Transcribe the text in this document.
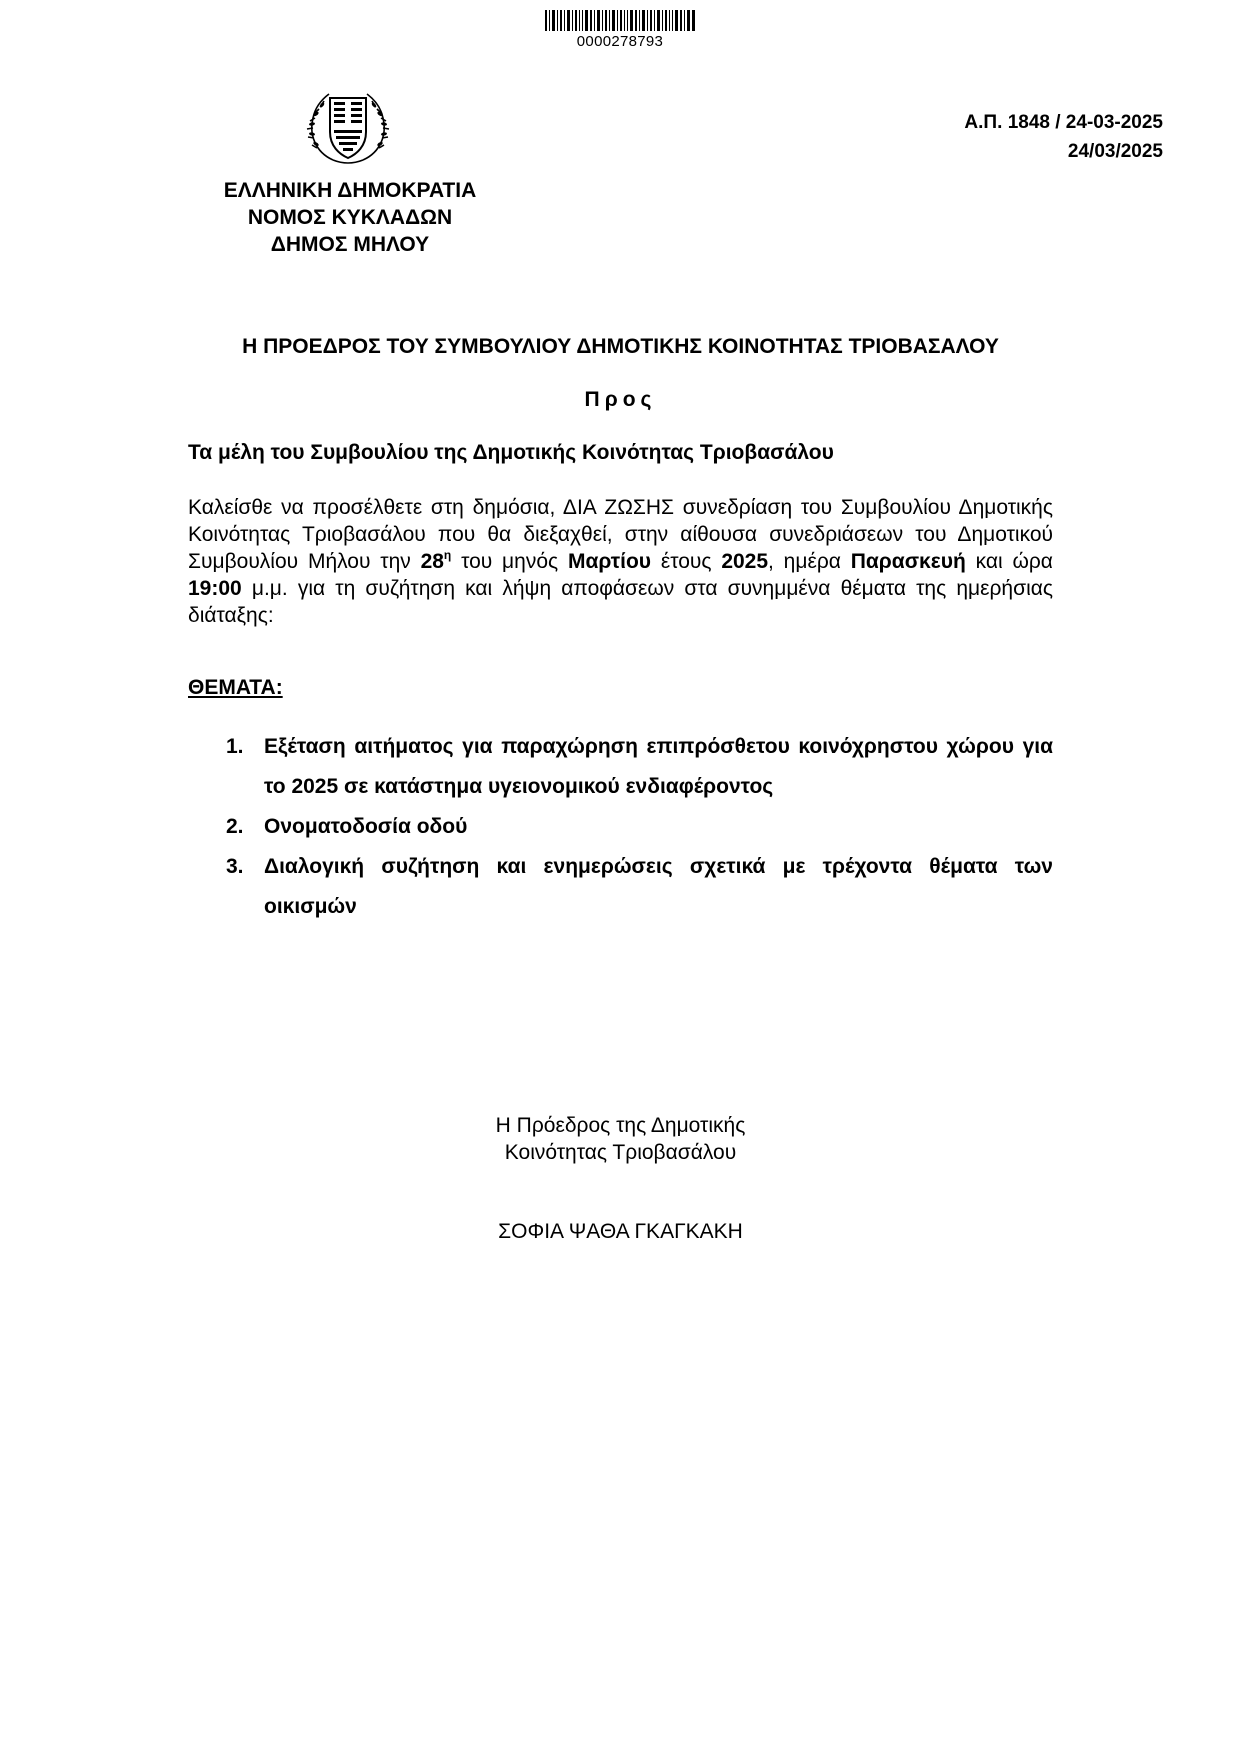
0000278793
ΕΛΛΗΝΙΚΗ ΔΗΜΟΚΡΑΤΙΑ
ΝΟΜΟΣ ΚΥΚΛΑΔΩΝ
ΔΗΜΟΣ ΜΗΛΟΥ
Α.Π. 1848 / 24-03-2025
24/03/2025
Η ΠΡΟΕΔΡΟΣ ΤΟΥ ΣΥΜΒΟΥΛΙΟΥ ΔΗΜΟΤΙΚΗΣ ΚΟΙΝΟΤΗΤΑΣ ΤΡΙΟΒΑΣΑΛΟΥ
Προς
Τα μέλη του Συμβουλίου της Δημοτικής Κοινότητας Τριοβασάλου
Καλείσθε να προσέλθετε στη δημόσια, ΔΙΑ ΖΩΣΗΣ συνεδρίαση του Συμβουλίου Δημοτικής Κοινότητας Τριοβασάλου που θα διεξαχθεί, στην αίθουσα συνεδριάσεων του Δημοτικού Συμβουλίου Μήλου την $28^\eta$ του μηνός Μαρτίου έτους 2025, ημέρα Παρασκευή και ώρα 19:00 μ.μ. για τη συζήτηση και λήψη αποφάσεων στα συνημμένα θέματα της ημερήσιας διάταξης:
ΘΕΜΑΤΑ:
1. Εξέταση αιτήματος για παραχώρηση επιπρόσθετου κοινόχρηστου χώρου για το 2025 σε κατάστημα υγειονομικού ενδιαφέροντος
2. Ονοματοδοσία οδού
3. Διαλογική συζήτηση και ενημερώσεις σχετικά με τρέχοντα θέματα των οικισμών
Η Πρόεδρος της Δημοτικής
Κοινότητας Τριοβασάλου
ΣΟΦΙΑ ΨΑΘΑ ΓΚΑΓΚΑΚΗ
